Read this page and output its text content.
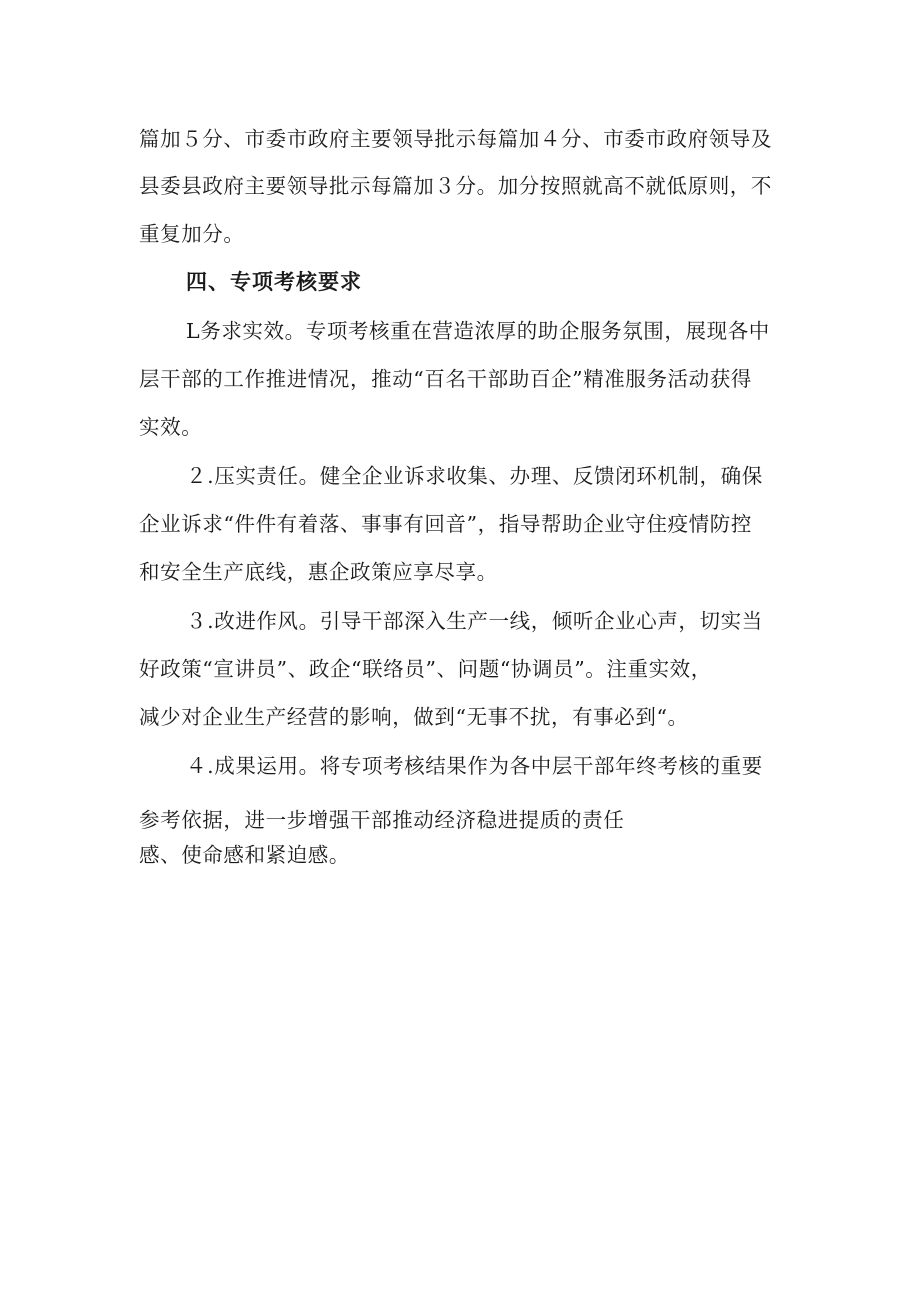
篇加５分、市委市政府主要领导批示每篇加４分、市委市政府领导及
县委县政府主要领导批示每篇加３分。加分按照就高不就低原则，不
重复加分。
四、专项考核要求
L务求实效。专项考核重在营造浓厚的助企服务氛围，展现各中
层干部的工作推进情况，推动“百名干部助百企”精准服务活动获得
实效。
２.压实责任。健全企业诉求收集、办理、反馈闭环机制，确保
企业诉求“件件有着落、事事有回音”，指导帮助企业守住疫情防控
和安全生产底线，惠企政策应享尽享。
３.改进作风。引导干部深入生产一线，倾听企业心声，切实当
好政策“宣讲员”、政企“联络员”、问题“协调员”。注重实效，
减少对企业生产经营的影响，做到“无事不扰，有事必到“。
４.成果运用。将专项考核结果作为各中层干部年终考核的重要
参考依据，进一步增强干部推动经济稳进提质的责任
感、使命感和紧迫感。
